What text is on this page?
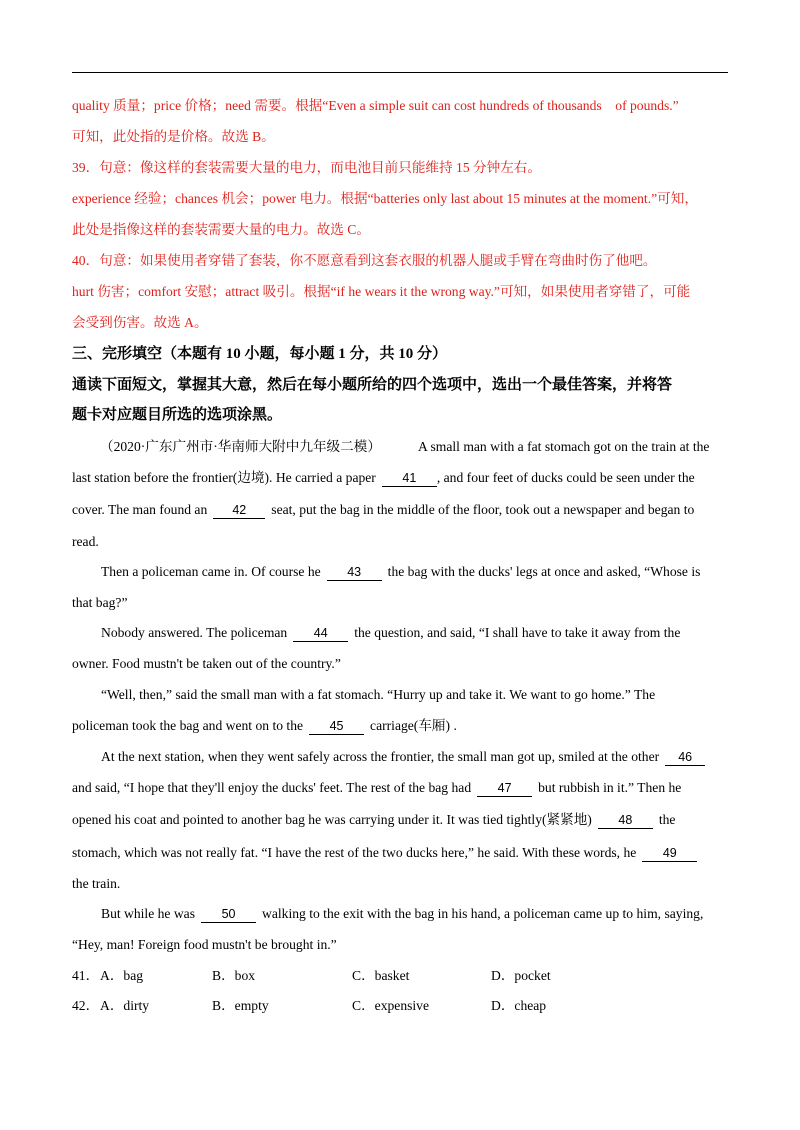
quality 质量；price 价格；need 需要。根据“Even a simple suit can cost hundreds of thousands　of pounds.”
可知，此处指的是价格。故选 B。
39．句意：像这样的套装需要大量的电力，而电池目前只能维持 15 分钟左右。
experience 经验；chances 机会；power 电力。根据“batteries only last about 15 minutes at the moment.”可知，
此处是指像这样的套装需要大量的电力。故选 C。
40．句意：如果使用者穿错了套装，你不愿意看到这套衣服的机器人腿或手臂在弯曲时伤了他吧。
hurt 伤害；comfort 安慰；attract 吸引。根据“if he wears it the wrong way.”可知，如果使用者穿错了，可能
会受到伤害。故选 A。
三、完形填空（本题有 10 小题，每小题 1 分，共 10 分）
通读下面短文，掌握其大意，然后在每小题所给的四个选项中，选出一个最佳答案，并将答
题卡对应题目所选的选项涂黑。
（2020·广东广州市·华南师大附中九年级二模）	A small man with a fat stomach got on the train at the
last station before the frontier(边境). He carried a paper 41 , and four feet of ducks could be seen under the
cover. The man found an 42 seat, put the bag in the middle of the floor, took out a newspaper and began to
read.
Then a policeman came in. Of course he 43 the bag with the ducks' legs at once and asked, “Whose is
that bag?”
Nobody answered. The policeman 44 the question, and said, “I shall have to take it away from the
owner. Food mustn't be taken out of the country.”
“Well, then,” said the small man with a fat stomach. “Hurry up and take it. We want to go home.” The
policeman took the bag and went on to the 45 carriage(车厢) .
At the next station, when they went safely across the frontier, the small man got up, smiled at the other 46
and said, “I hope that they'll enjoy the ducks' feet. The rest of the bag had 47 but rubbish in it.” Then he
opened his coat and pointed to another bag he was carrying under it. It was tied tightly(紧紧地) 48 the
stomach, which was not really fat. “I have the rest of the two ducks here,” he said. With these words, he 49
the train.
But while he was 50 walking to the exit with the bag in his hand, a policeman came up to him, saying,
“Hey, man! Foreign food mustn't be brought in.”
41． A．bag	B．box	C．basket	D．pocket
42． A．dirty	B．empty	C．expensive	D．cheap
